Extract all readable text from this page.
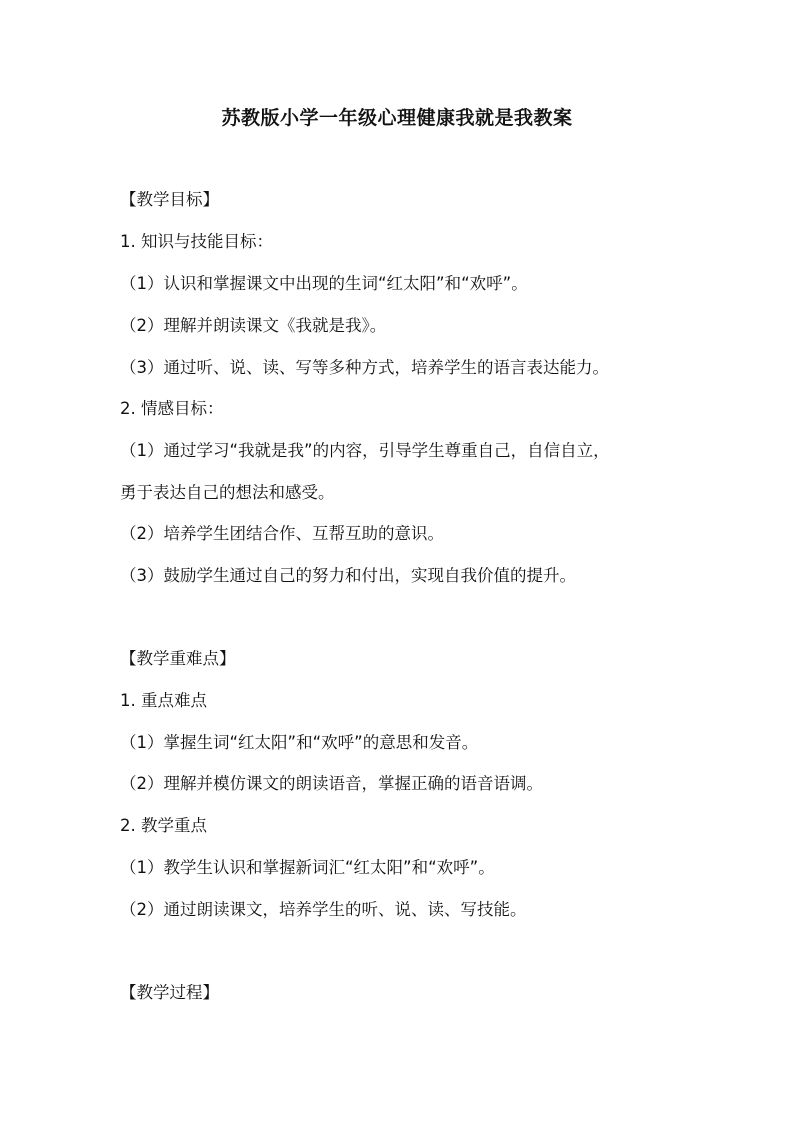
苏教版小学一年级心理健康我就是我教案
【教学目标】
1. 知识与技能目标：
（1）认识和掌握课文中出现的生词“红太阳”和“欢呼”。
（2）理解并朗读课文《我就是我》。
（3）通过听、说、读、写等多种方式，培养学生的语言表达能力。
2. 情感目标：
（1）通过学习“我就是我”的内容，引导学生尊重自己，自信自立，
勇于表达自己的想法和感受。
（2）培养学生团结合作、互帮互助的意识。
（3）鼓励学生通过自己的努力和付出，实现自我价值的提升。
【教学重难点】
1. 重点难点
（1）掌握生词“红太阳”和“欢呼”的意思和发音。
（2）理解并模仿课文的朗读语音，掌握正确的语音语调。
2. 教学重点
（1）教学生认识和掌握新词汇“红太阳”和“欢呼”。
（2）通过朗读课文，培养学生的听、说、读、写技能。
【教学过程】
